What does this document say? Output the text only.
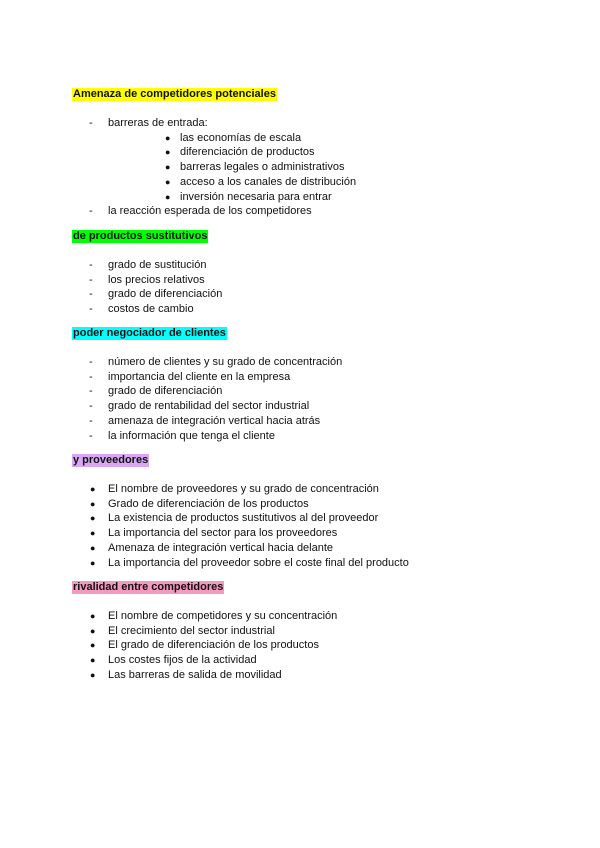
Amenaza de competidores potenciales
- barreras de entrada:
● las economías de escala
● diferenciación de productos
● barreras legales o administrativos
● acceso a los canales de distribución
● inversión necesaria para entrar
- la reacción esperada de los competidores
de productos sustitutivos
- grado de sustitución
- los precios relativos
- grado de diferenciación
- costos de cambio
poder negociador de clientes
- número de clientes y su grado de concentración
- importancia del cliente en la empresa
- grado de diferenciación
- grado de rentabilidad del sector industrial
- amenaza de integración vertical hacia atrás
- la información que tenga el cliente
y proveedores
● El nombre de proveedores y su grado de concentración
● Grado de diferenciación de los productos
● La existencia de productos sustitutivos al del proveedor
● La importancia del sector para los proveedores
● Amenaza de integración vertical hacia delante
● La importancia del proveedor sobre el coste final del producto
rivalidad entre competidores
● El nombre de competidores y su concentración
● El crecimiento del sector industrial
● El grado de diferenciación de los productos
● Los costes fijos de la actividad
● Las barreras de salida de movilidad
